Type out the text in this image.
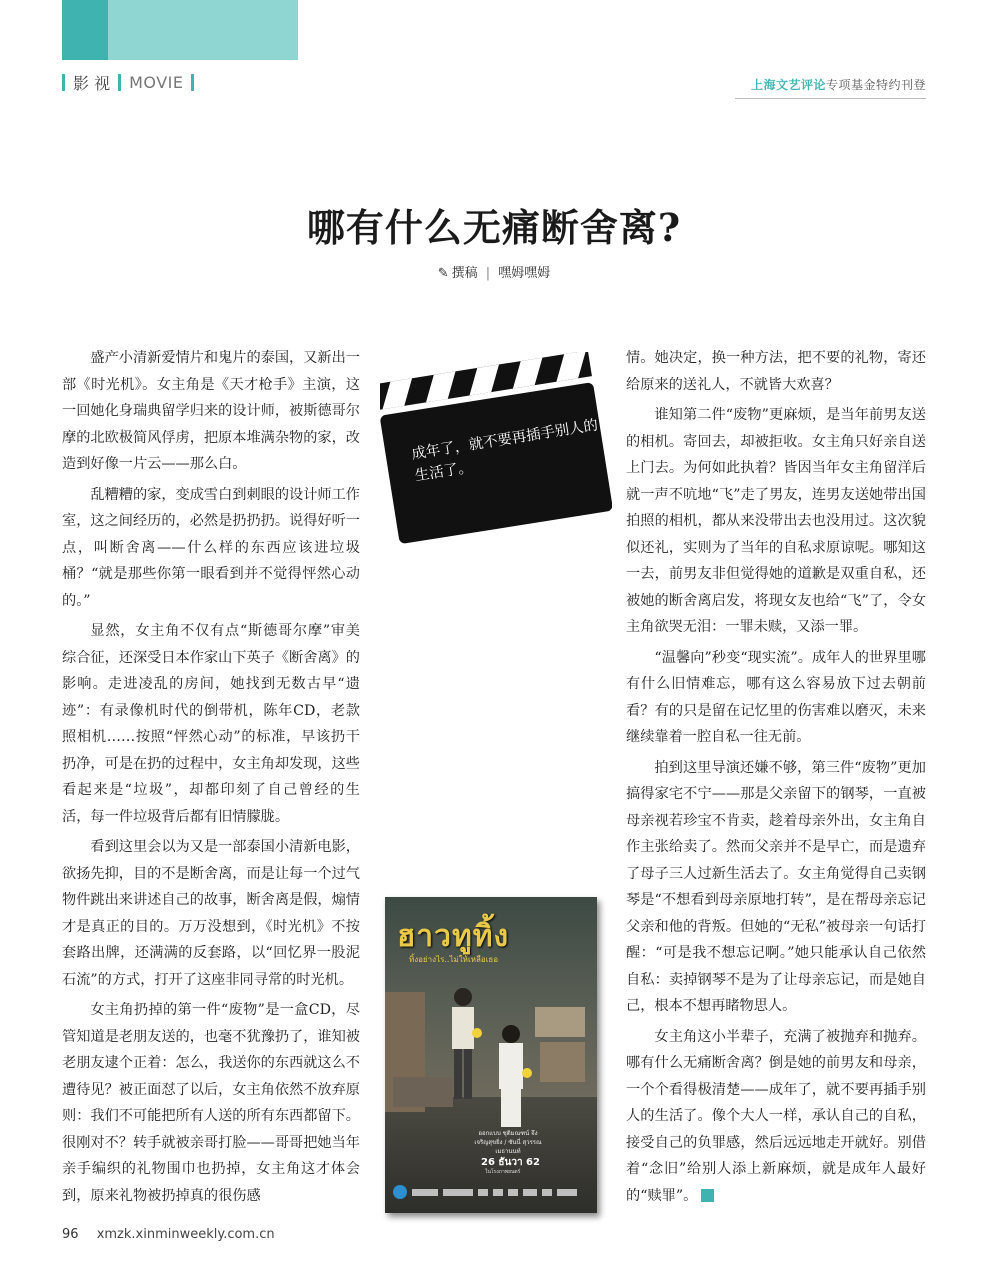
影 视 MOVIE	上海文艺评论专项基金特约刊登
哪有什么无痛断舍离?
✎ 撰稿 | 嘿姆嘿姆

盛产小清新爱情片和鬼片的泰国，又新出一部《时光机》。女主角是《天才枪手》主演，这一回她化身瑞典留学归来的设计师，被斯德哥尔摩的北欧极简风俘虏，把原本堆满杂物的家，改造到好像一片云——那么白。

乱糟糟的家，变成雪白到刺眼的设计师工作室，这之间经历的，必然是扔扔扔。说得好听一点，叫断舍离——什么样的东西应该进垃圾桶？“就是那些你第一眼看到并不觉得怦然心动的。”

显然，女主角不仅有点“斯德哥尔摩”审美综合征，还深受日本作家山下英子《断舍离》的影响。走进凌乱的房间，她找到无数古早“遗迹”：有录像机时代的倒带机，陈年CD，老款照相机……按照“怦然心动”的标准，早该扔干扔净，可是在扔的过程中，女主角却发现，这些看起来是“垃圾”，却都印刻了自己曾经的生活，每一件垃圾背后都有旧情朦胧。

看到这里会以为又是一部泰国小清新电影，欲扬先抑，目的不是断舍离，而是让每一个过气物件跳出来讲述自己的故事，断舍离是假，煽情才是真正的目的。万万没想到，《时光机》不按套路出牌，还满满的反套路，以“回忆界一股泥石流”的方式，打开了这座非同寻常的时光机。

女主角扔掉的第一件“废物”是一盒CD，尽管知道是老朋友送的，也毫不犹豫扔了，谁知被老朋友逮个正着：怎么，我送你的东西就这么不遭待见？被正面怼了以后，女主角依然不放弃原则：我们不可能把所有人送的所有东西都留下。很刚对不？转手就被亲哥打脸——哥哥把她当年亲手编织的礼物围巾也扔掉，女主角这才体会到，原来礼物被扔掉真的很伤感

情。她决定，换一种方法，把不要的礼物，寄还给原来的送礼人，不就皆大欢喜？

谁知第二件“废物”更麻烦，是当年前男友送的相机。寄回去，却被拒收。女主角只好亲自送上门去。为何如此执着？皆因当年女主角留洋后就一声不吭地“飞”走了男友，连男友送她带出国拍照的相机，都从来没带出去也没用过。这次貌似还礼，实则为了当年的自私求原谅呢。哪知这一去，前男友非但觉得她的道歉是双重自私，还被她的断舍离启发，将现女友也给“飞”了，令女主角欲哭无泪：一罪未赎，又添一罪。

“温馨向”秒变“现实流”。成年人的世界里哪有什么旧情难忘，哪有这么容易放下过去朝前看？有的只是留在记忆里的伤害难以磨灭，未来继续靠着一腔自私一往无前。

拍到这里导演还嫌不够，第三件“废物”更加搞得家宅不宁——那是父亲留下的钢琴，一直被母亲视若珍宝不肯卖，趁着母亲外出，女主角自作主张给卖了。然而父亲并不是早亡，而是遗弃了母子三人过新生活去了。女主角觉得自己卖钢琴是“不想看到母亲原地打转”，是在帮母亲忘记父亲和他的背叛。但她的“无私”被母亲一句话打醒：“可是我不想忘记啊。”她只能承认自己依然自私：卖掉钢琴不是为了让母亲忘记，而是她自己，根本不想再睹物思人。

女主角这小半辈子，充满了被抛弃和抛弃。哪有什么无痛断舍离？倒是她的前男友和母亲，一个个看得极清楚——成年了，就不要再插手别人的生活了。像个大人一样，承认自己的自私，接受自己的负罪感，然后远远地走开就好。别借着“念旧”给别人添上新麻烦，就是成年人最好的“赎罪”。	风

成年了，就不要再插手别人的生活了。
ฮาวทูทิ้ง
ทิ้งอย่างไร..ไม่ให้เหลือเธอ
ออกแบบ ชุติมณฑน์ จึงเจริญสุขยิ่ง / ซันนี่ สุวรรณเมธานนท์
26 ธันวา 62
ในโรงภาพยนตร์
96 xmzk.xinminweekly.com.cn
